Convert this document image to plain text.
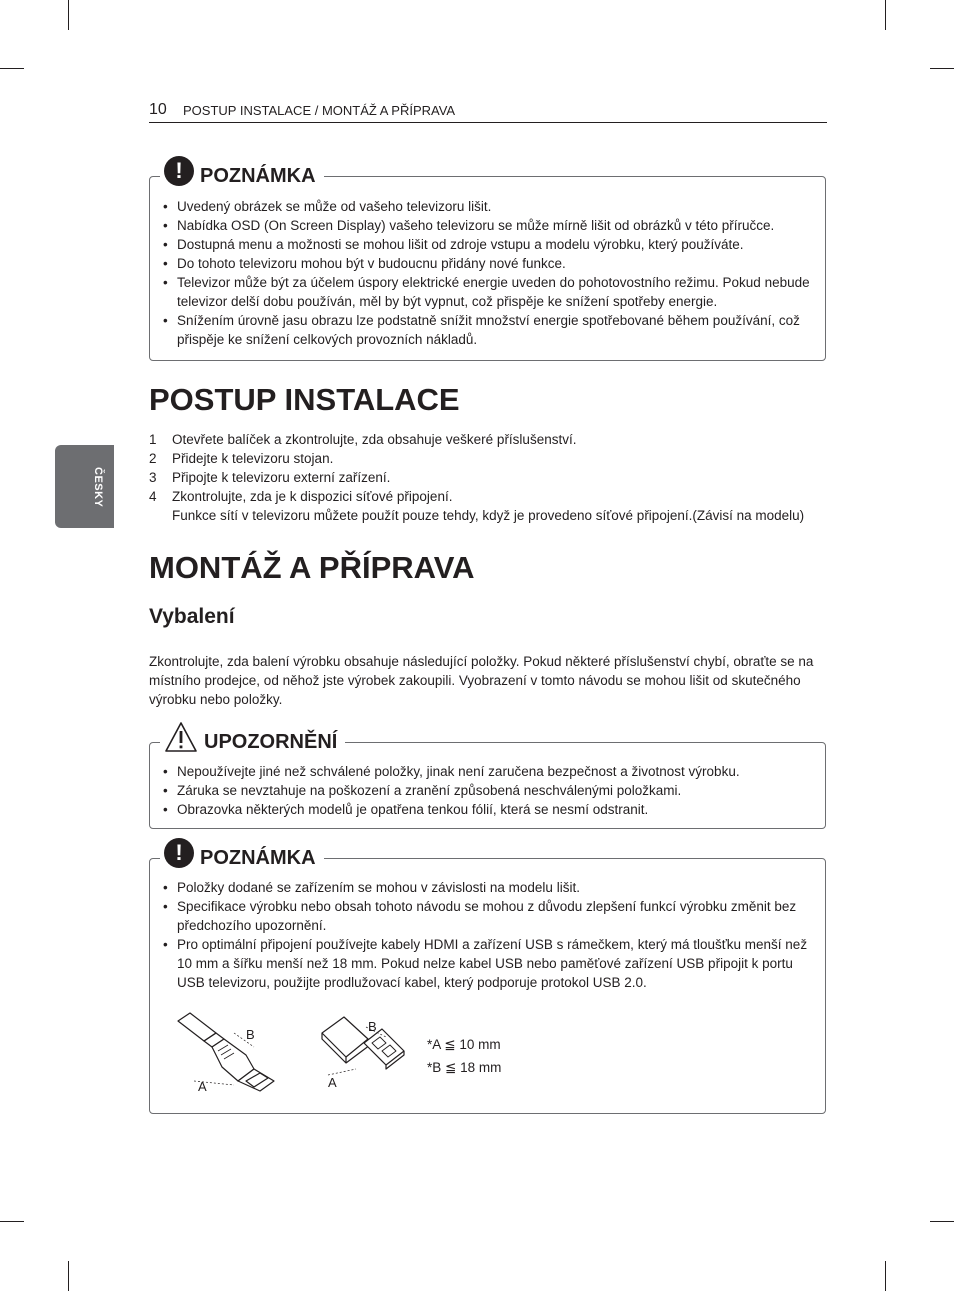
10 POSTUP INSTALACE / MONTÁŽ A PŘÍPRAVA
ČESKY
! POZNÁMKA
• Uvedený obrázek se může od vašeho televizoru lišit.
• Nabídka OSD (On Screen Display) vašeho televizoru se může mírně lišit od obrázků v této příručce.
• Dostupná menu a možnosti se mohou lišit od zdroje vstupu a modelu výrobku, který používáte.
• Do tohoto televizoru mohou být v budoucnu přidány nové funkce.
• Televizor může být za účelem úspory elektrické energie uveden do pohotovostního režimu. Pokud nebude televizor delší dobu používán, měl by být vypnut, což přispěje ke snížení spotřeby energie.
• Snížením úrovně jasu obrazu lze podstatně snížit množství energie spotřebované během používání, což přispěje ke snížení celkových provozních nákladů.
POSTUP INSTALACE
1	Otevřete balíček a zkontrolujte, zda obsahuje veškeré příslušenství.
2	Přidejte k televizoru stojan.
3	Připojte k televizoru externí zařízení.
4	Zkontrolujte, zda je k dispozici síťové připojení.
Funkce sítí v televizoru můžete použít pouze tehdy, když je provedeno síťové připojení.(Závisí na modelu)
MONTÁŽ A PŘÍPRAVA
Vybalení

Zkontrolujte, zda balení výrobku obsahuje následující položky. Pokud některé příslušenství chybí, obraťte se na místního prodejce, od něhož jste výrobek zakoupili. Vyobrazení v tomto návodu se mohou lišit od skutečného výrobku nebo položky.

UPOZORNĚNÍ
• Nepoužívejte jiné než schválené položky, jinak není zaručena bezpečnost a životnost výrobku.
• Záruka se nevztahuje na poškození a zranění způsobená neschválenými položkami.
• Obrazovka některých modelů je opatřena tenkou fólií, která se nesmí odstranit.
! POZNÁMKA
• Položky dodané se zařízením se mohou v závislosti na modelu lišit.
• Specifikace výrobku nebo obsah tohoto návodu se mohou z důvodu zlepšení funkcí výrobku změnit bez předchozího upozornění.
• Pro optimální připojení používejte kabely HDMI a zařízení USB s rámečkem, který má tloušťku menší než 10 mm a šířku menší než 18 mm. Pokud nelze kabel USB nebo paměťové zařízení USB připojit k portu USB televizoru, použijte prodlužovací kabel, který podporuje protokol USB 2.0.
B
A
B
A
*A ≦ 10 mm
*B ≦ 18 mm
